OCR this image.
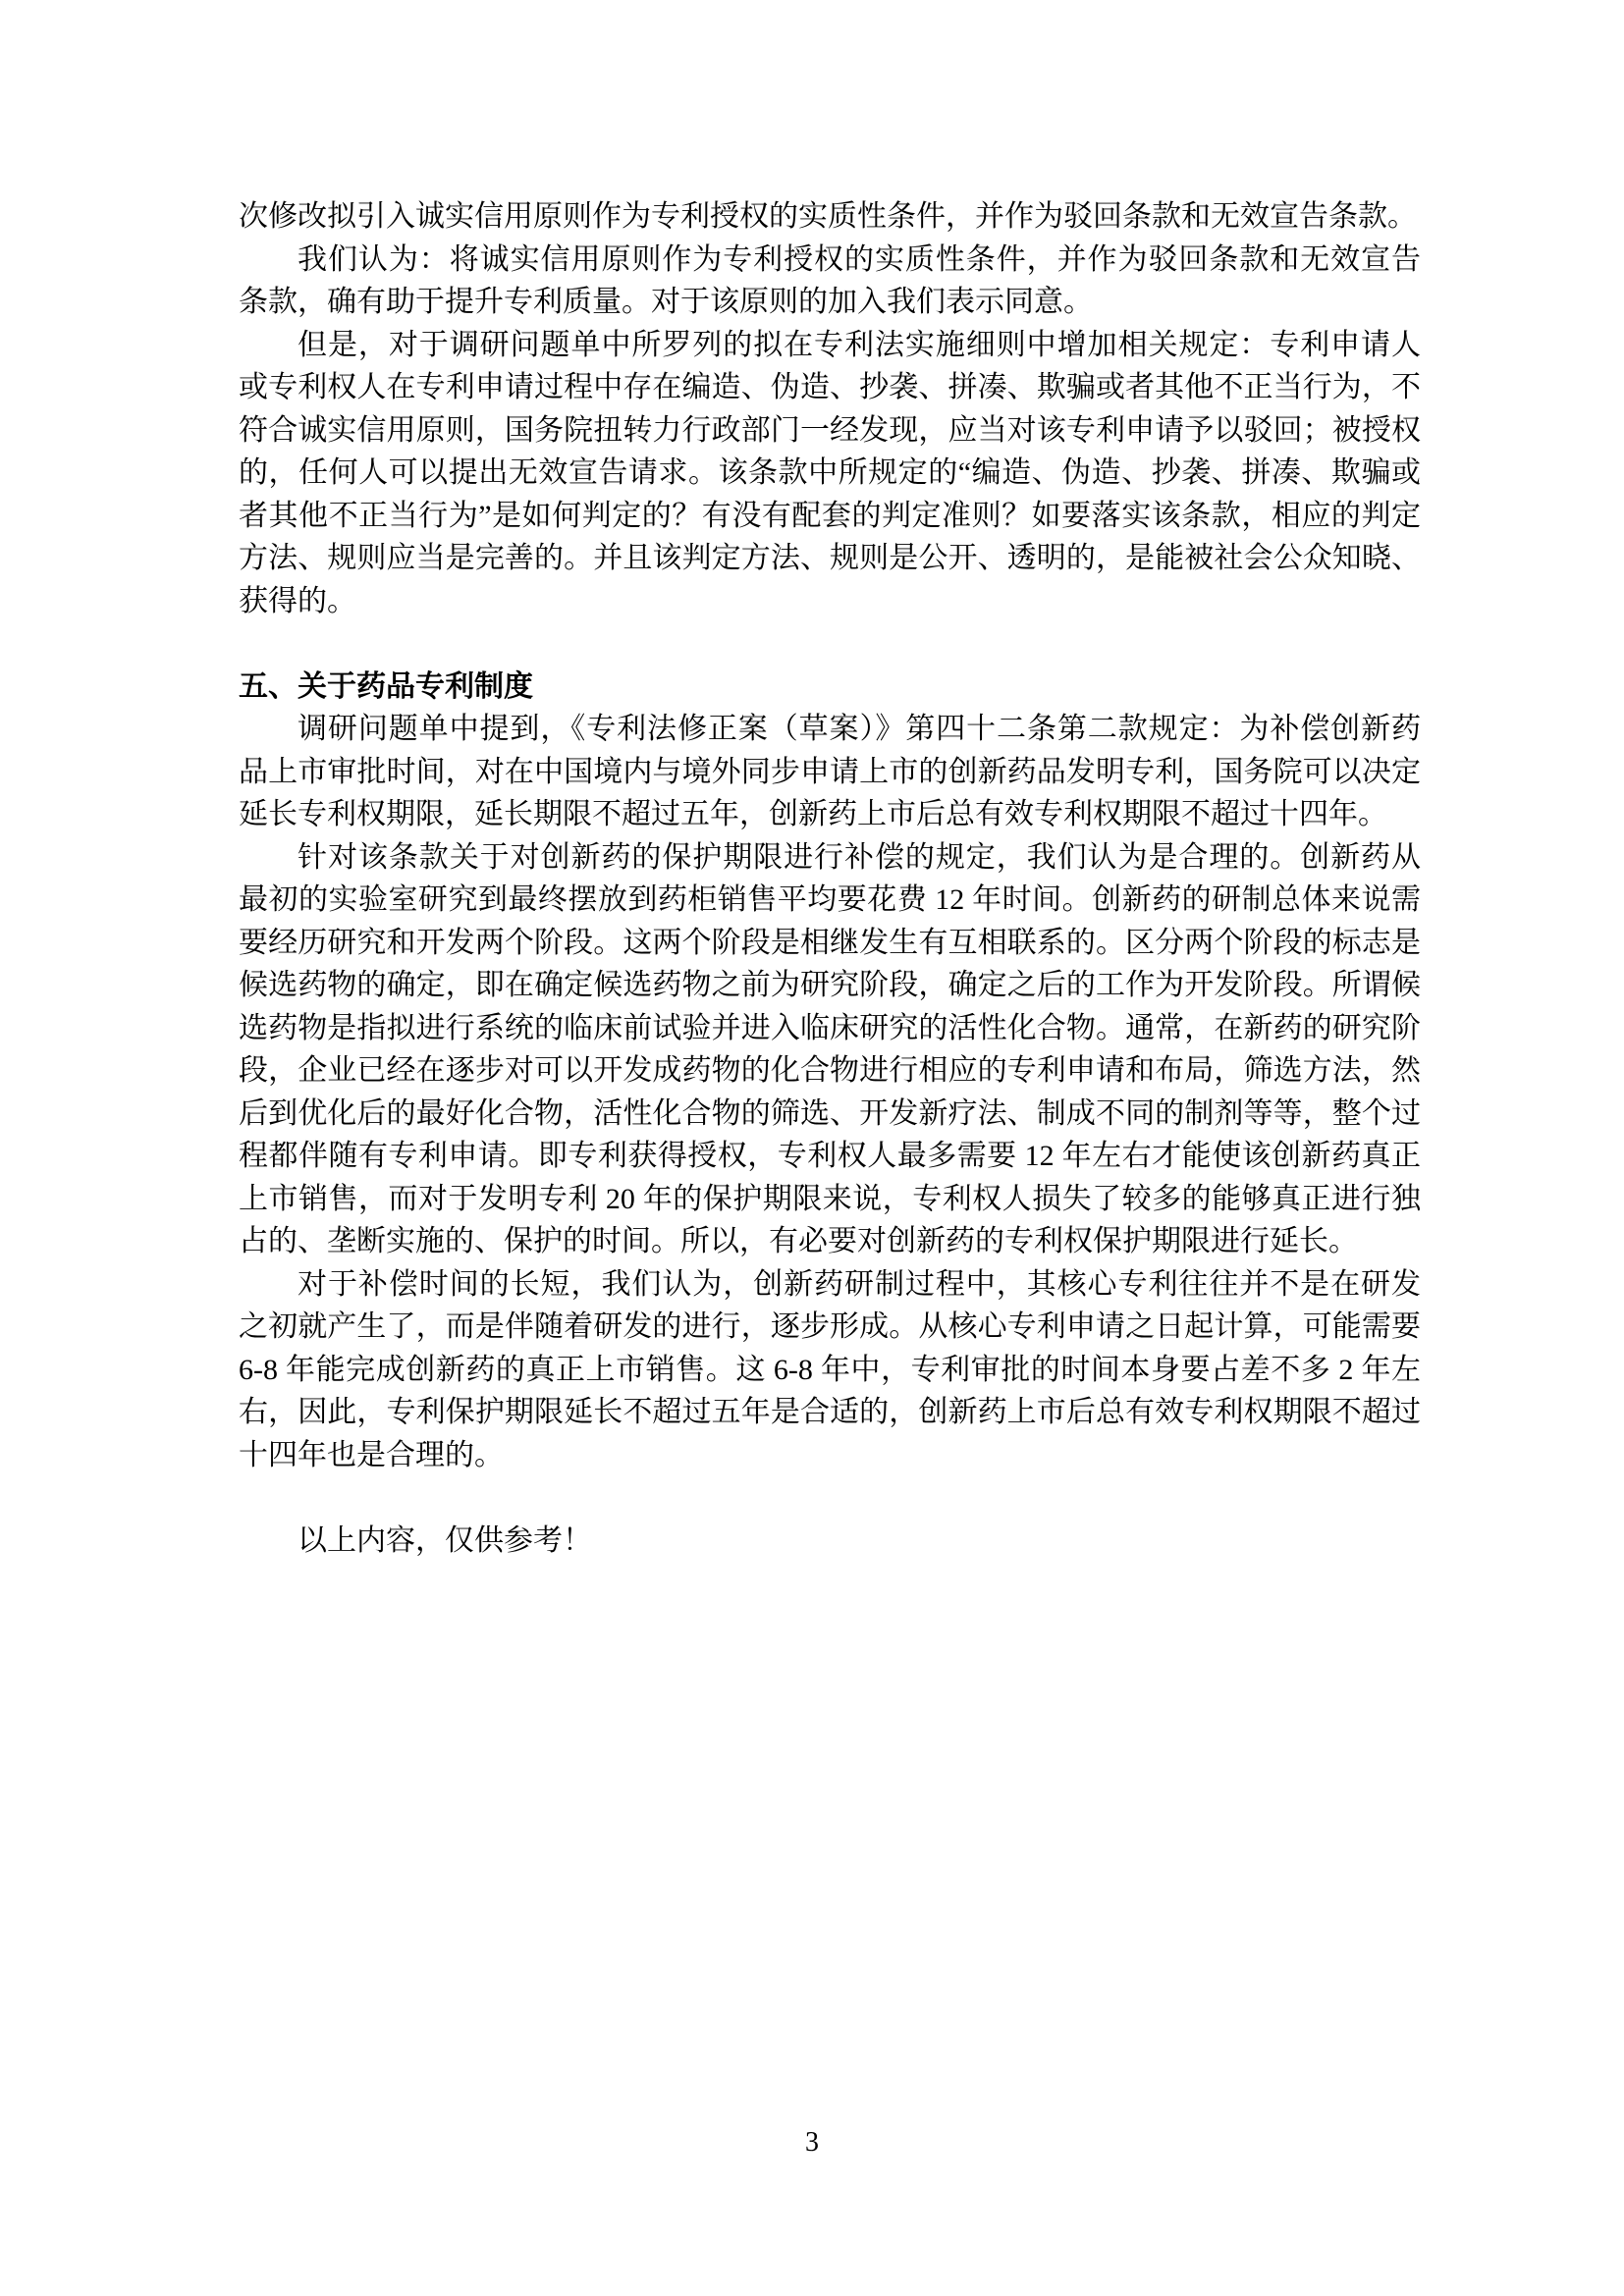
次修改拟引入诚实信用原则作为专利授权的实质性条件，并作为驳回条款和无效宣告条款。
我们认为：将诚实信用原则作为专利授权的实质性条件，并作为驳回条款和无效宣告
条款，确有助于提升专利质量。对于该原则的加入我们表示同意。
但是，对于调研问题单中所罗列的拟在专利法实施细则中增加相关规定：专利申请人
或专利权人在专利申请过程中存在编造、伪造、抄袭、拼凑、欺骗或者其他不正当行为，不
符合诚实信用原则，国务院扭转力行政部门一经发现，应当对该专利申请予以驳回；被授权
的，任何人可以提出无效宣告请求。该条款中所规定的“编造、伪造、抄袭、拼凑、欺骗或
者其他不正当行为”是如何判定的？有没有配套的判定准则？如要落实该条款，相应的判定
方法、规则应当是完善的。并且该判定方法、规则是公开、透明的，是能被社会公众知晓、
获得的。
五、关于药品专利制度
调研问题单中提到，《专利法修正案（草案）》第四十二条第二款规定：为补偿创新药
品上市审批时间，对在中国境内与境外同步申请上市的创新药品发明专利，国务院可以决定
延长专利权期限，延长期限不超过五年，创新药上市后总有效专利权期限不超过十四年。
针对该条款关于对创新药的保护期限进行补偿的规定，我们认为是合理的。创新药从
最初的实验室研究到最终摆放到药柜销售平均要花费 12 年时间。创新药的研制总体来说需
要经历研究和开发两个阶段。这两个阶段是相继发生有互相联系的。区分两个阶段的标志是
候选药物的确定，即在确定候选药物之前为研究阶段，确定之后的工作为开发阶段。所谓候
选药物是指拟进行系统的临床前试验并进入临床研究的活性化合物。通常，在新药的研究阶
段，企业已经在逐步对可以开发成药物的化合物进行相应的专利申请和布局，筛选方法，然
后到优化后的最好化合物，活性化合物的筛选、开发新疗法、制成不同的制剂等等，整个过
程都伴随有专利申请。即专利获得授权，专利权人最多需要 12 年左右才能使该创新药真正
上市销售，而对于发明专利 20 年的保护期限来说，专利权人损失了较多的能够真正进行独
占的、垄断实施的、保护的时间。所以，有必要对创新药的专利权保护期限进行延长。
对于补偿时间的长短，我们认为，创新药研制过程中，其核心专利往往并不是在研发
之初就产生了，而是伴随着研发的进行，逐步形成。从核心专利申请之日起计算，可能需要
6-8 年能完成创新药的真正上市销售。这 6-8 年中，专利审批的时间本身要占差不多 2 年左
右，因此，专利保护期限延长不超过五年是合适的，创新药上市后总有效专利权期限不超过
十四年也是合理的。
以上内容，仅供参考！
3
